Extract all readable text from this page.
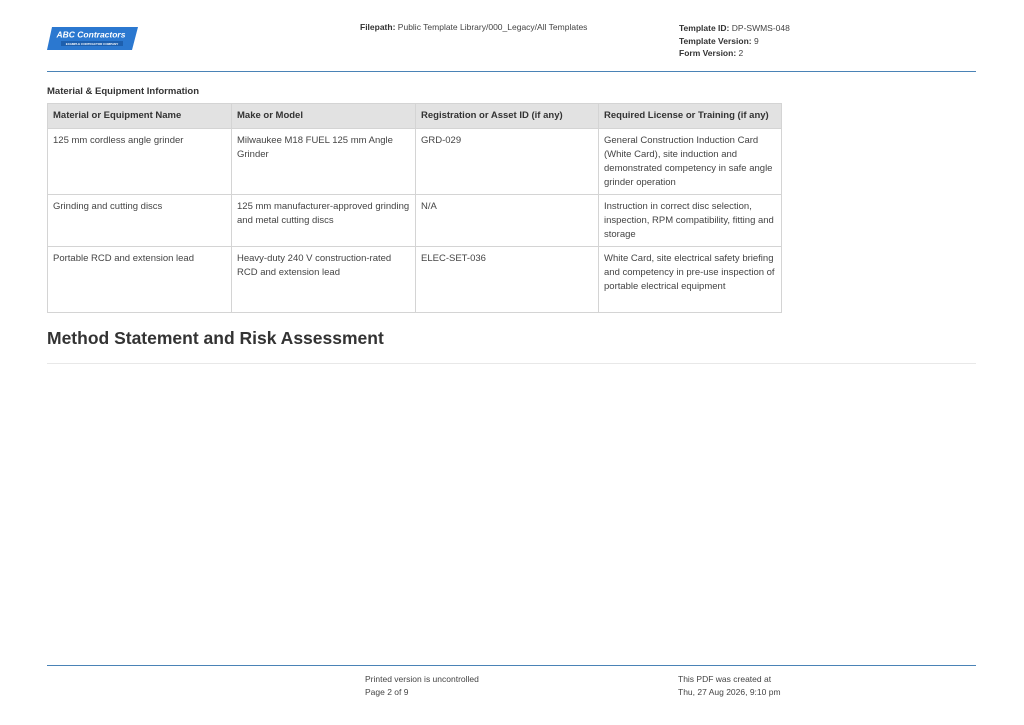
ABC Contractors
EXAMPLE CONTRACTOR COMPANY
Filepath: Public Template Library/000_Legacy/All Templates	Template ID: DP-SWMS-048
Template Version: 9
Form Version: 2
Material & Equipment Information
Material or Equipment Name	Make or Model	Registration or Asset ID (if any)	Required License or Training (if any)
125 mm cordless angle grinder	Milwaukee M18 FUEL 125 mm Angle Grinder	GRD-029	General Construction Induction Card (White Card), site induction and demonstrated competency in safe angle grinder operation
Grinding and cutting discs	125 mm manufacturer-approved grinding and metal cutting discs	N/A	Instruction in correct disc selection, inspection, RPM compatibility, fitting and storage
Portable RCD and extension lead	Heavy-duty 240 V construction-rated RCD and extension lead	ELEC-SET-036	White Card, site electrical safety briefing and competency in pre-use inspection of portable electrical equipment
Method Statement and Risk Assessment
Printed version is uncontrolled
Page 2 of 9
This PDF was created at
Thu, 27 Aug 2026, 9:10 pm
